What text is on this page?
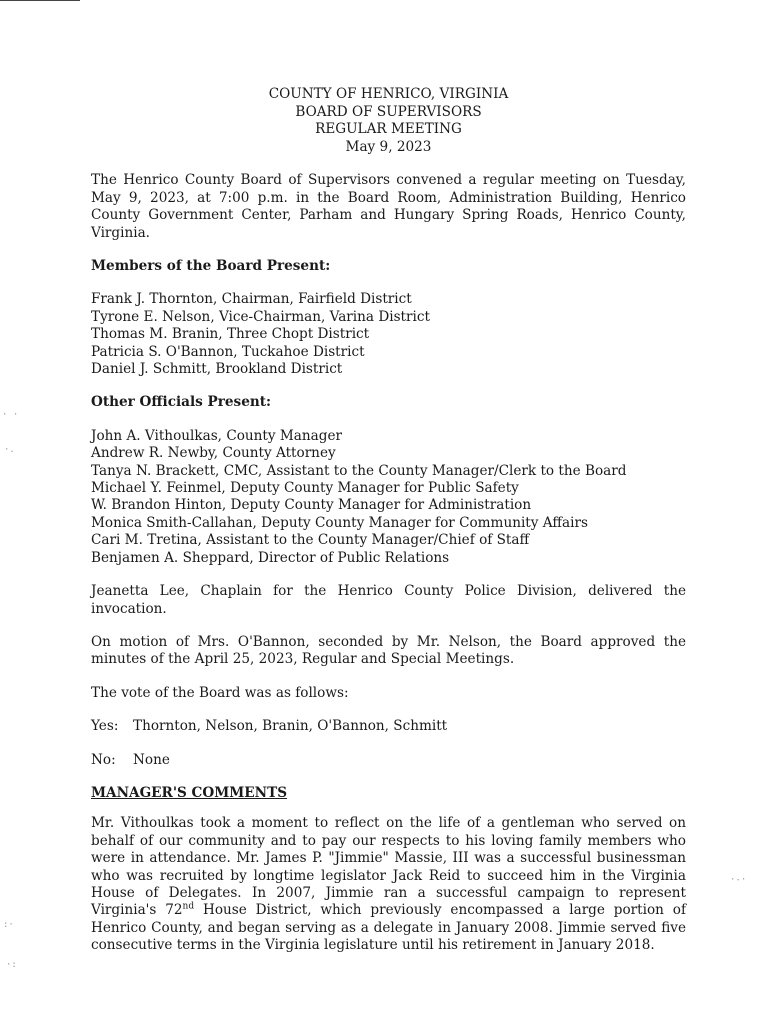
COUNTY OF HENRICO, VIRGINIA
BOARD OF SUPERVISORS
REGULAR MEETING
May 9, 2023

The Henrico County Board of Supervisors convened a regular meeting on Tuesday, May 9, 2023, at 7:00 p.m. in the Board Room, Administration Building, Henrico County Government Center, Parham and Hungary Spring Roads, Henrico County, Virginia.

Members of the Board Present:
Frank J. Thornton, Chairman, Fairfield District
Tyrone E. Nelson, Vice-Chairman, Varina District
Thomas M. Branin, Three Chopt District
Patricia S. O'Bannon, Tuckahoe District
Daniel J. Schmitt, Brookland District
Other Officials Present:
John A. Vithoulkas, County Manager
Andrew R. Newby, County Attorney
Tanya N. Brackett, CMC, Assistant to the County Manager/Clerk to the Board
Michael Y. Feinmel, Deputy County Manager for Public Safety
W. Brandon Hinton, Deputy County Manager for Administration
Monica Smith-Callahan, Deputy County Manager for Community Affairs
Cari M. Tretina, Assistant to the County Manager/Chief of Staff
Benjamen A. Sheppard, Director of Public Relations

Jeanetta Lee, Chaplain for the Henrico County Police Division, delivered the invocation.

On motion of Mrs. O'Bannon, seconded by Mr. Nelson, the Board approved the minutes of the April 25, 2023, Regular and Special Meetings.

The vote of the Board was as follows:

Yes:	Thornton, Nelson, Branin, O'Bannon, Schmitt
No:	None
MANAGER'S COMMENTS

Mr. Vithoulkas took a moment to reflect on the life of a gentleman who served on behalf of our community and to pay our respects to his loving family members who were in attendance. Mr. James P. "Jimmie" Massie, III was a successful businessman who was recruited by longtime legislator Jack Reid to succeed him in the Virginia House of Delegates. In 2007, Jimmie ran a successful campaign to represent Virginia's 72nd House District, which previously encompassed a large portion of Henrico County, and began serving as a delegate in January 2008. Jimmie served five consecutive terms in the Virginia legislature until his retirement in January 2018.

· ·
·.
:·
·:
·-·
